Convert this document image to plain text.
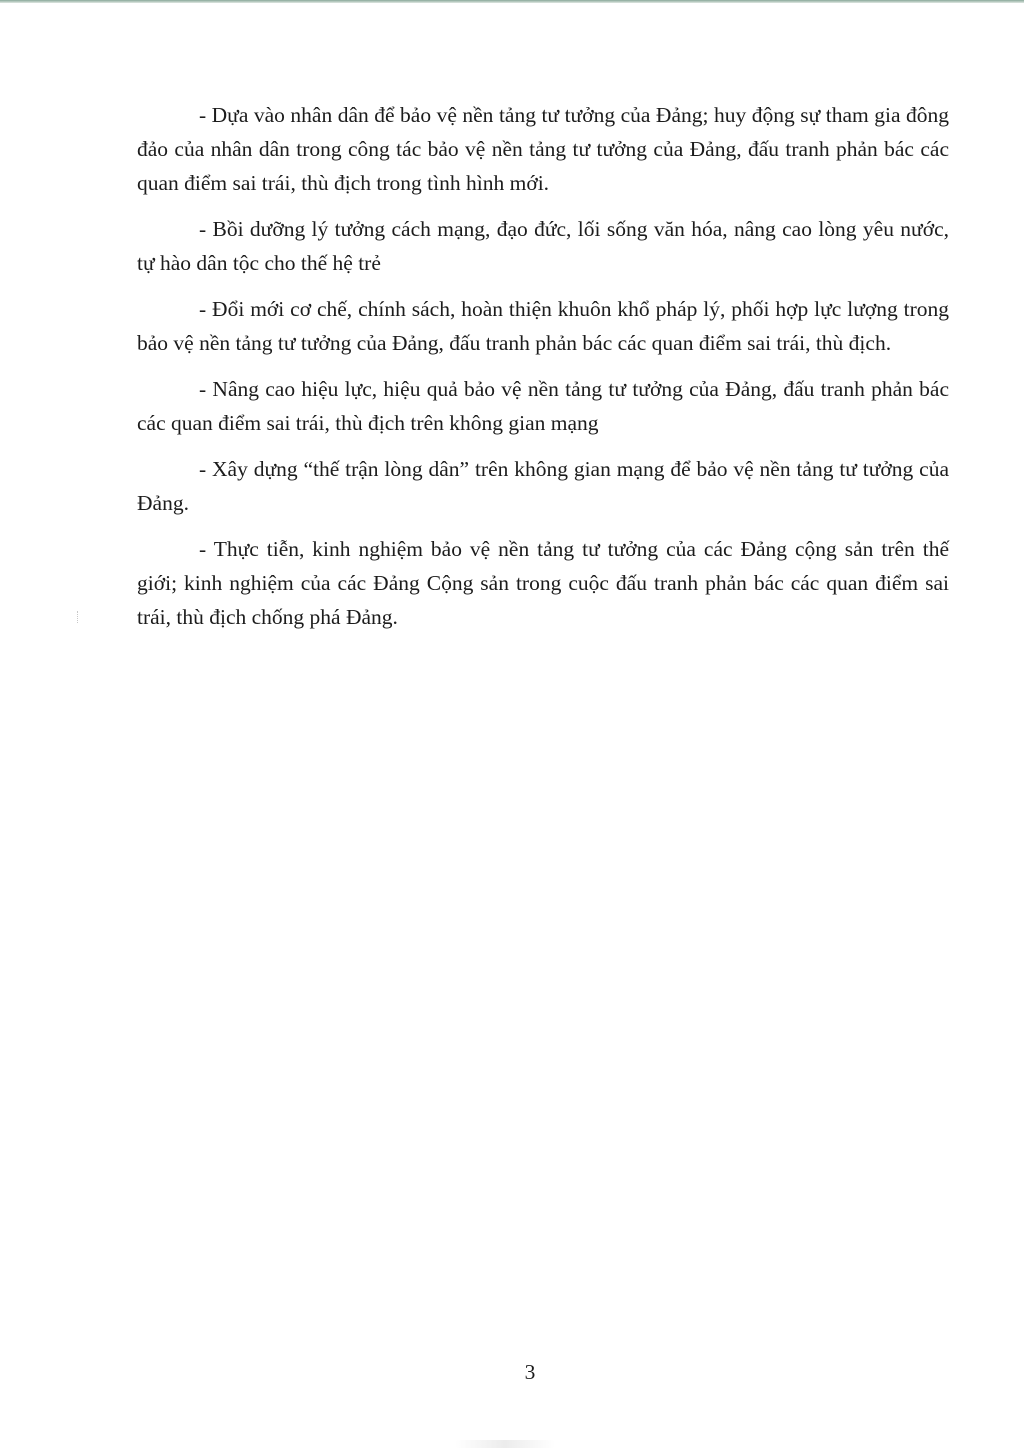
- Dựa vào nhân dân để bảo vệ nền tảng tư tưởng của Đảng; huy động sự tham gia đông đảo của nhân dân trong công tác bảo vệ nền tảng tư tưởng của Đảng, đấu tranh phản bác các quan điểm sai trái, thù địch trong tình hình mới.

- Bồi dưỡng lý tưởng cách mạng, đạo đức, lối sống văn hóa, nâng cao lòng yêu nước, tự hào dân tộc cho thế hệ trẻ

- Đổi mới cơ chế, chính sách, hoàn thiện khuôn khổ pháp lý, phối hợp lực lượng trong bảo vệ nền tảng tư tưởng của Đảng, đấu tranh phản bác các quan điểm sai trái, thù địch.

- Nâng cao hiệu lực, hiệu quả bảo vệ nền tảng tư tưởng của Đảng, đấu tranh phản bác các quan điểm sai trái, thù địch trên không gian mạng

- Xây dựng “thế trận lòng dân” trên không gian mạng để bảo vệ nền tảng tư tưởng của Đảng.

- Thực tiễn, kinh nghiệm bảo vệ nền tảng tư tưởng của các Đảng cộng sản trên thế giới; kinh nghiệm của các Đảng Cộng sản trong cuộc đấu tranh phản bác các quan điểm sai trái, thù địch chống phá Đảng.

3
